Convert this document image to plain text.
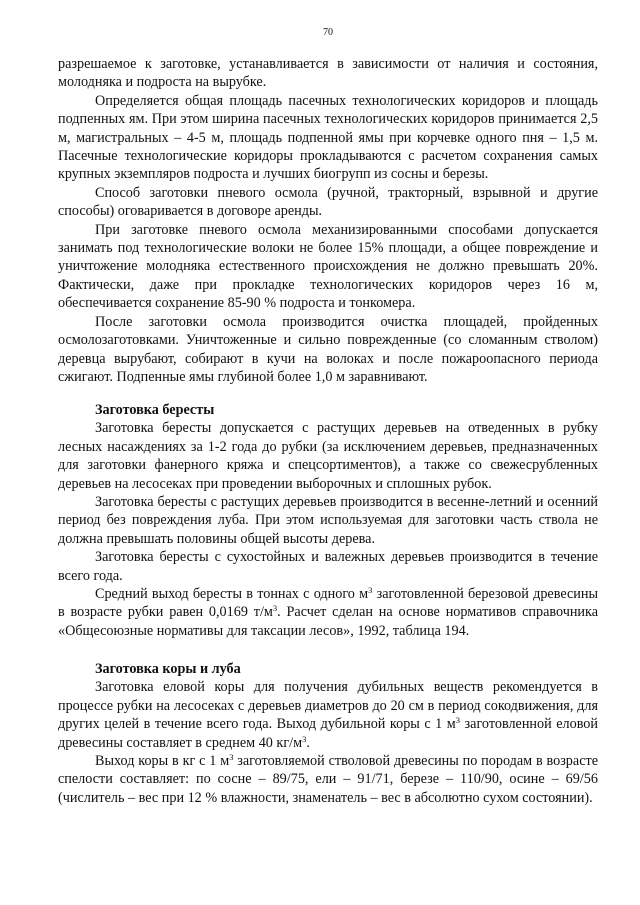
70

разрешаемое к заготовке, устанавливается в зависимости от наличия и состояния, молодняка и подроста на вырубке.

Определяется общая площадь пасечных технологических коридоров и площадь подпенных ям. При этом ширина пасечных технологических коридоров принимается 2,5 м, магистральных – 4-5 м, площадь подпенной ямы при корчевке одного пня – 1,5 м. Пасечные технологические коридоры прокладываются с расчетом сохранения самых крупных экземпляров подроста и лучших биогрупп из сосны и березы.

Способ заготовки пневого осмола (ручной, тракторный, взрывной и другие способы) оговаривается в договоре аренды.

При заготовке пневого осмола механизированными способами допускается занимать под технологические волоки не более 15% площади, а общее повреждение и уничтожение молодняка естественного происхождения не должно превышать 20%. Фактически, даже при прокладке технологических коридоров через 16 м, обеспечивается сохранение 85-90 % подроста и тонкомера.

После заготовки осмола производится очистка площадей, пройденных осмолозаготовками. Уничтоженные и сильно поврежденные (со сломанным стволом) деревца вырубают, собирают в кучи на волоках и после пожароопасного периода сжигают. Подпенные ямы глубиной более 1,0 м заравнивают.

Заготовка бересты

Заготовка бересты допускается с растущих деревьев на отведенных в рубку лесных насаждениях за 1-2 года до рубки (за исключением деревьев, предназначенных для заготовки фанерного кряжа и спецсортиментов), а также со свежесрубленных деревьев на лесосеках при проведении выборочных и сплошных рубок.

Заготовка бересты с растущих деревьев производится в весенне-летний и осенний период без повреждения луба. При этом используемая для заготовки часть ствола не должна превышать половины общей высоты дерева.

Заготовка бересты с сухостойных и валежных деревьев производится в течение всего года.

Средний выход бересты в тоннах с одного $м^3$ заготовленной березовой древесины в возрасте рубки равен 0,0169 $т/м^3$. Расчет сделан на основе нормативов справочника «Общесоюзные нормативы для таксации лесов», 1992, таблица 194.

Заготовка коры и луба

Заготовка еловой коры для получения дубильных веществ рекомендуется в процессе рубки на лесосеках с деревьев диаметров до 20 см в период сокодвижения, для других целей в течение всего года. Выход дубильной коры с 1 $м^3$ заготовленной еловой древесины составляет в среднем 40 $кг/м^3$.

Выход коры в кг с 1 $м^3$ заготовляемой стволовой древесины по породам в возрасте спелости составляет: по сосне – 89/75, ели – 91/71, березе – 110/90, осине – 69/56 (числитель – вес при 12 % влажности, знаменатель – вес в абсолютно сухом состоянии).
